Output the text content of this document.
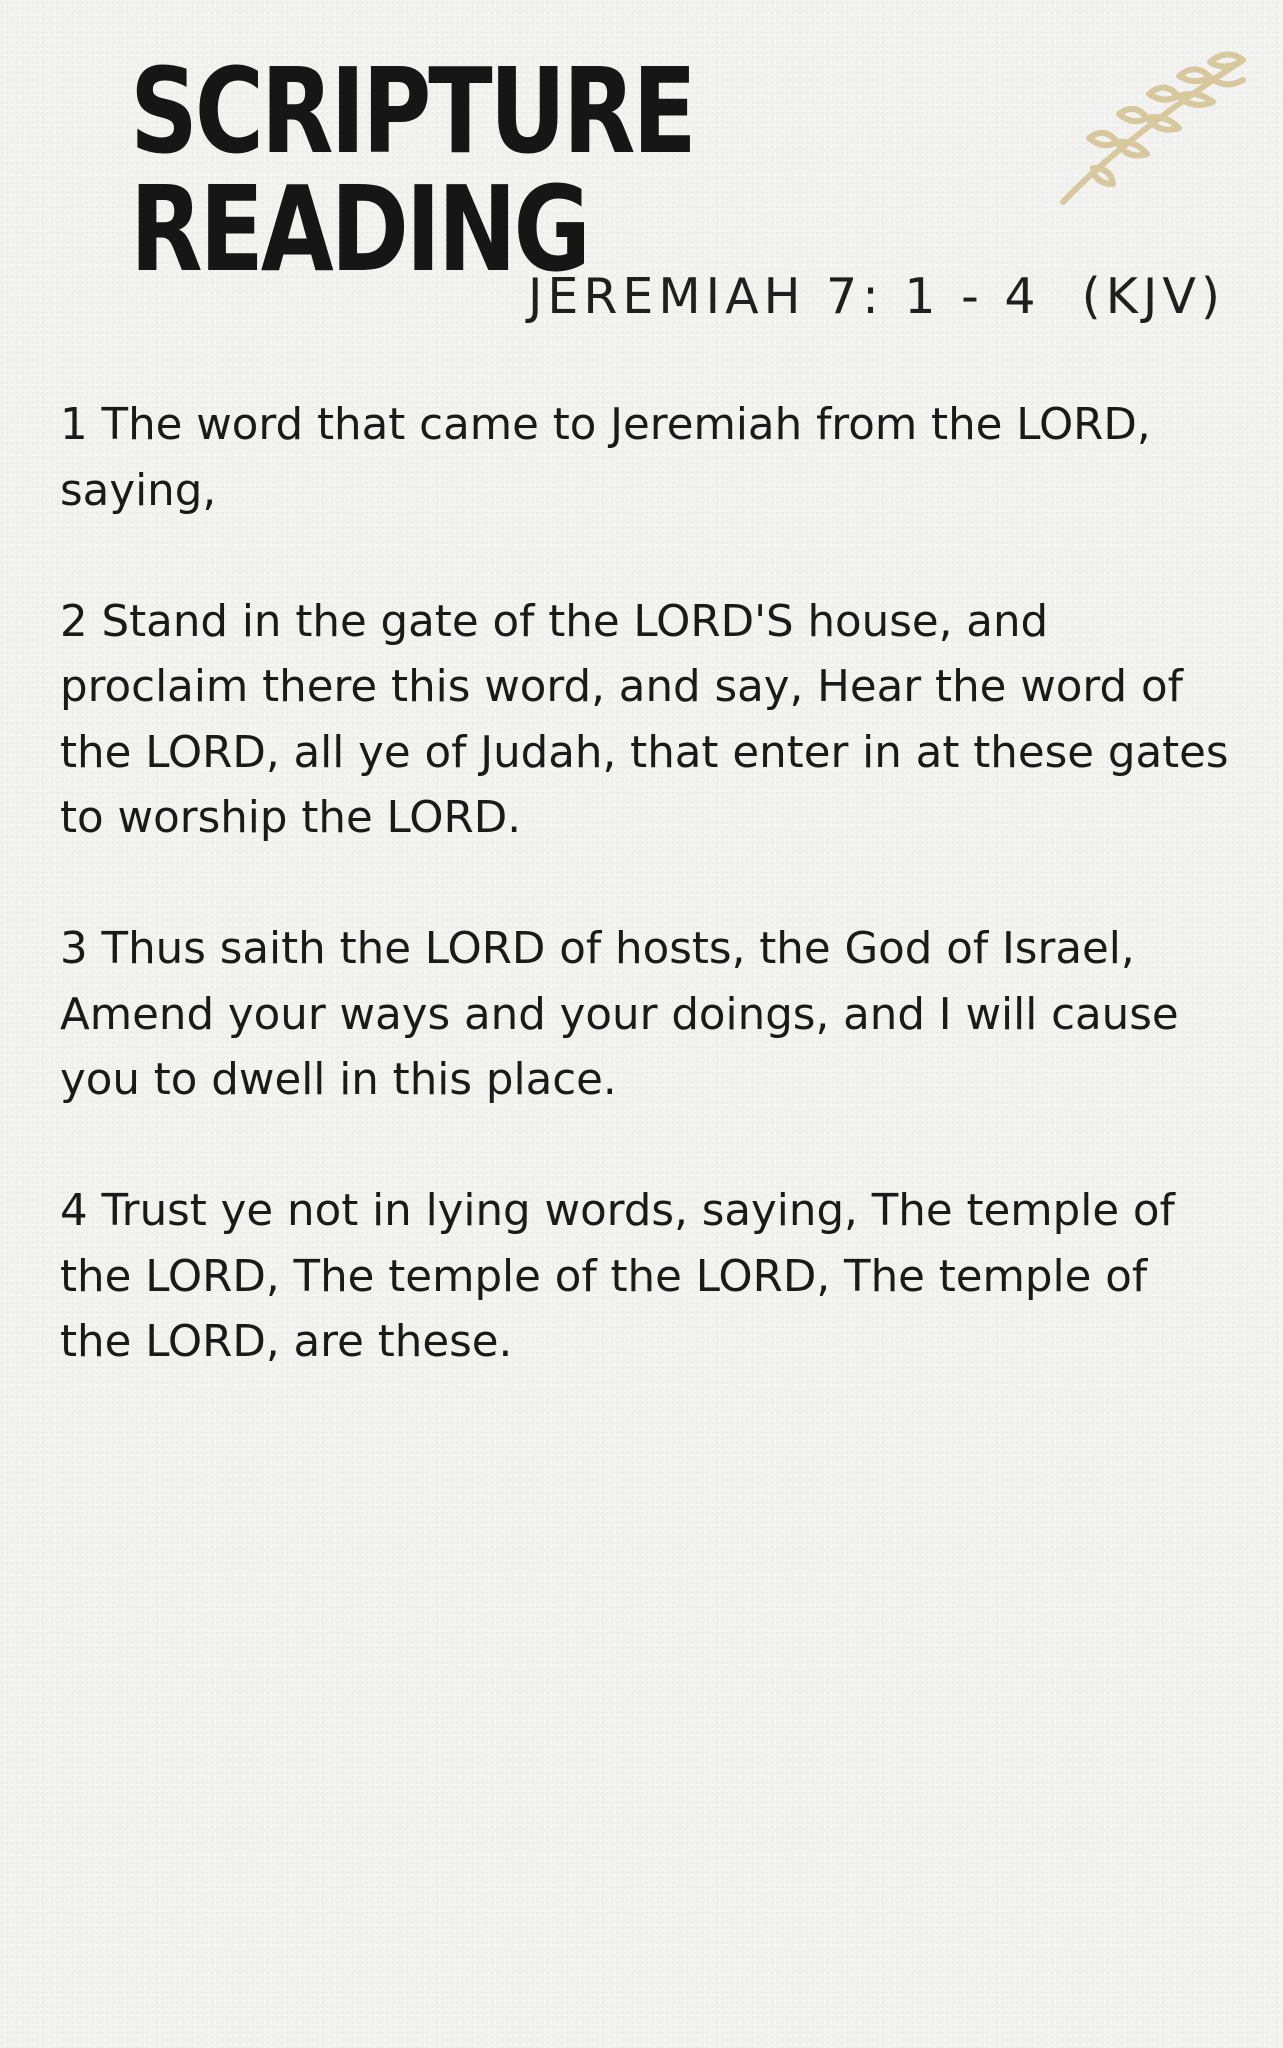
SCRIPTURE
READING
JEREMIAH 7: 1 - 4  (KJV)

1 The word that came to Jeremiah from the LORD, saying,

2 Stand in the gate of the LORD'S house, and proclaim there this word, and say, Hear the word of the LORD, all ye of Judah, that enter in at these gates to worship the LORD.

3 Thus saith the LORD of hosts, the God of Israel, Amend your ways and your doings, and I will cause you to dwell in this place.

4 Trust ye not in lying words, saying, The temple of the LORD, The temple of the LORD, The temple of the LORD, are these.
